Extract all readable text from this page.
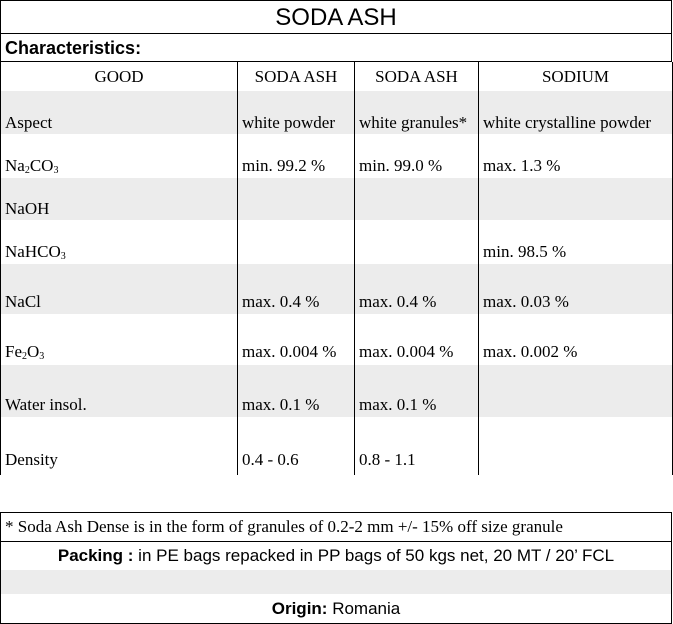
SODA ASH
Characteristics:
GOOD	SODA ASH	SODA ASH	SODIUM

Aspect	white powder	white granules*	white crystalline powder

$Na_2CO_3$	min. 99.2 %	min. 99.0 %	max. 1.3 %

NaOH			

NaHCO$_3$			min. 98.5 %

NaCl	max. 0.4 %	max. 0.4 %	max. 0.03 %

$Fe_2O_3$	max. 0.004 %	max. 0.004 %	max. 0.002 %

Water insol.	max. 0.1 %	max. 0.1 %	

Density	0.4 - 0.6	0.8 - 1.1	
* Soda Ash Dense is in the form of granules of 0.2-2 mm +/- 15% off size granule
Packing : in PE bags repacked in PP bags of 50 kgs net, 20 MT / 20’ FCL
Origin: Romania
